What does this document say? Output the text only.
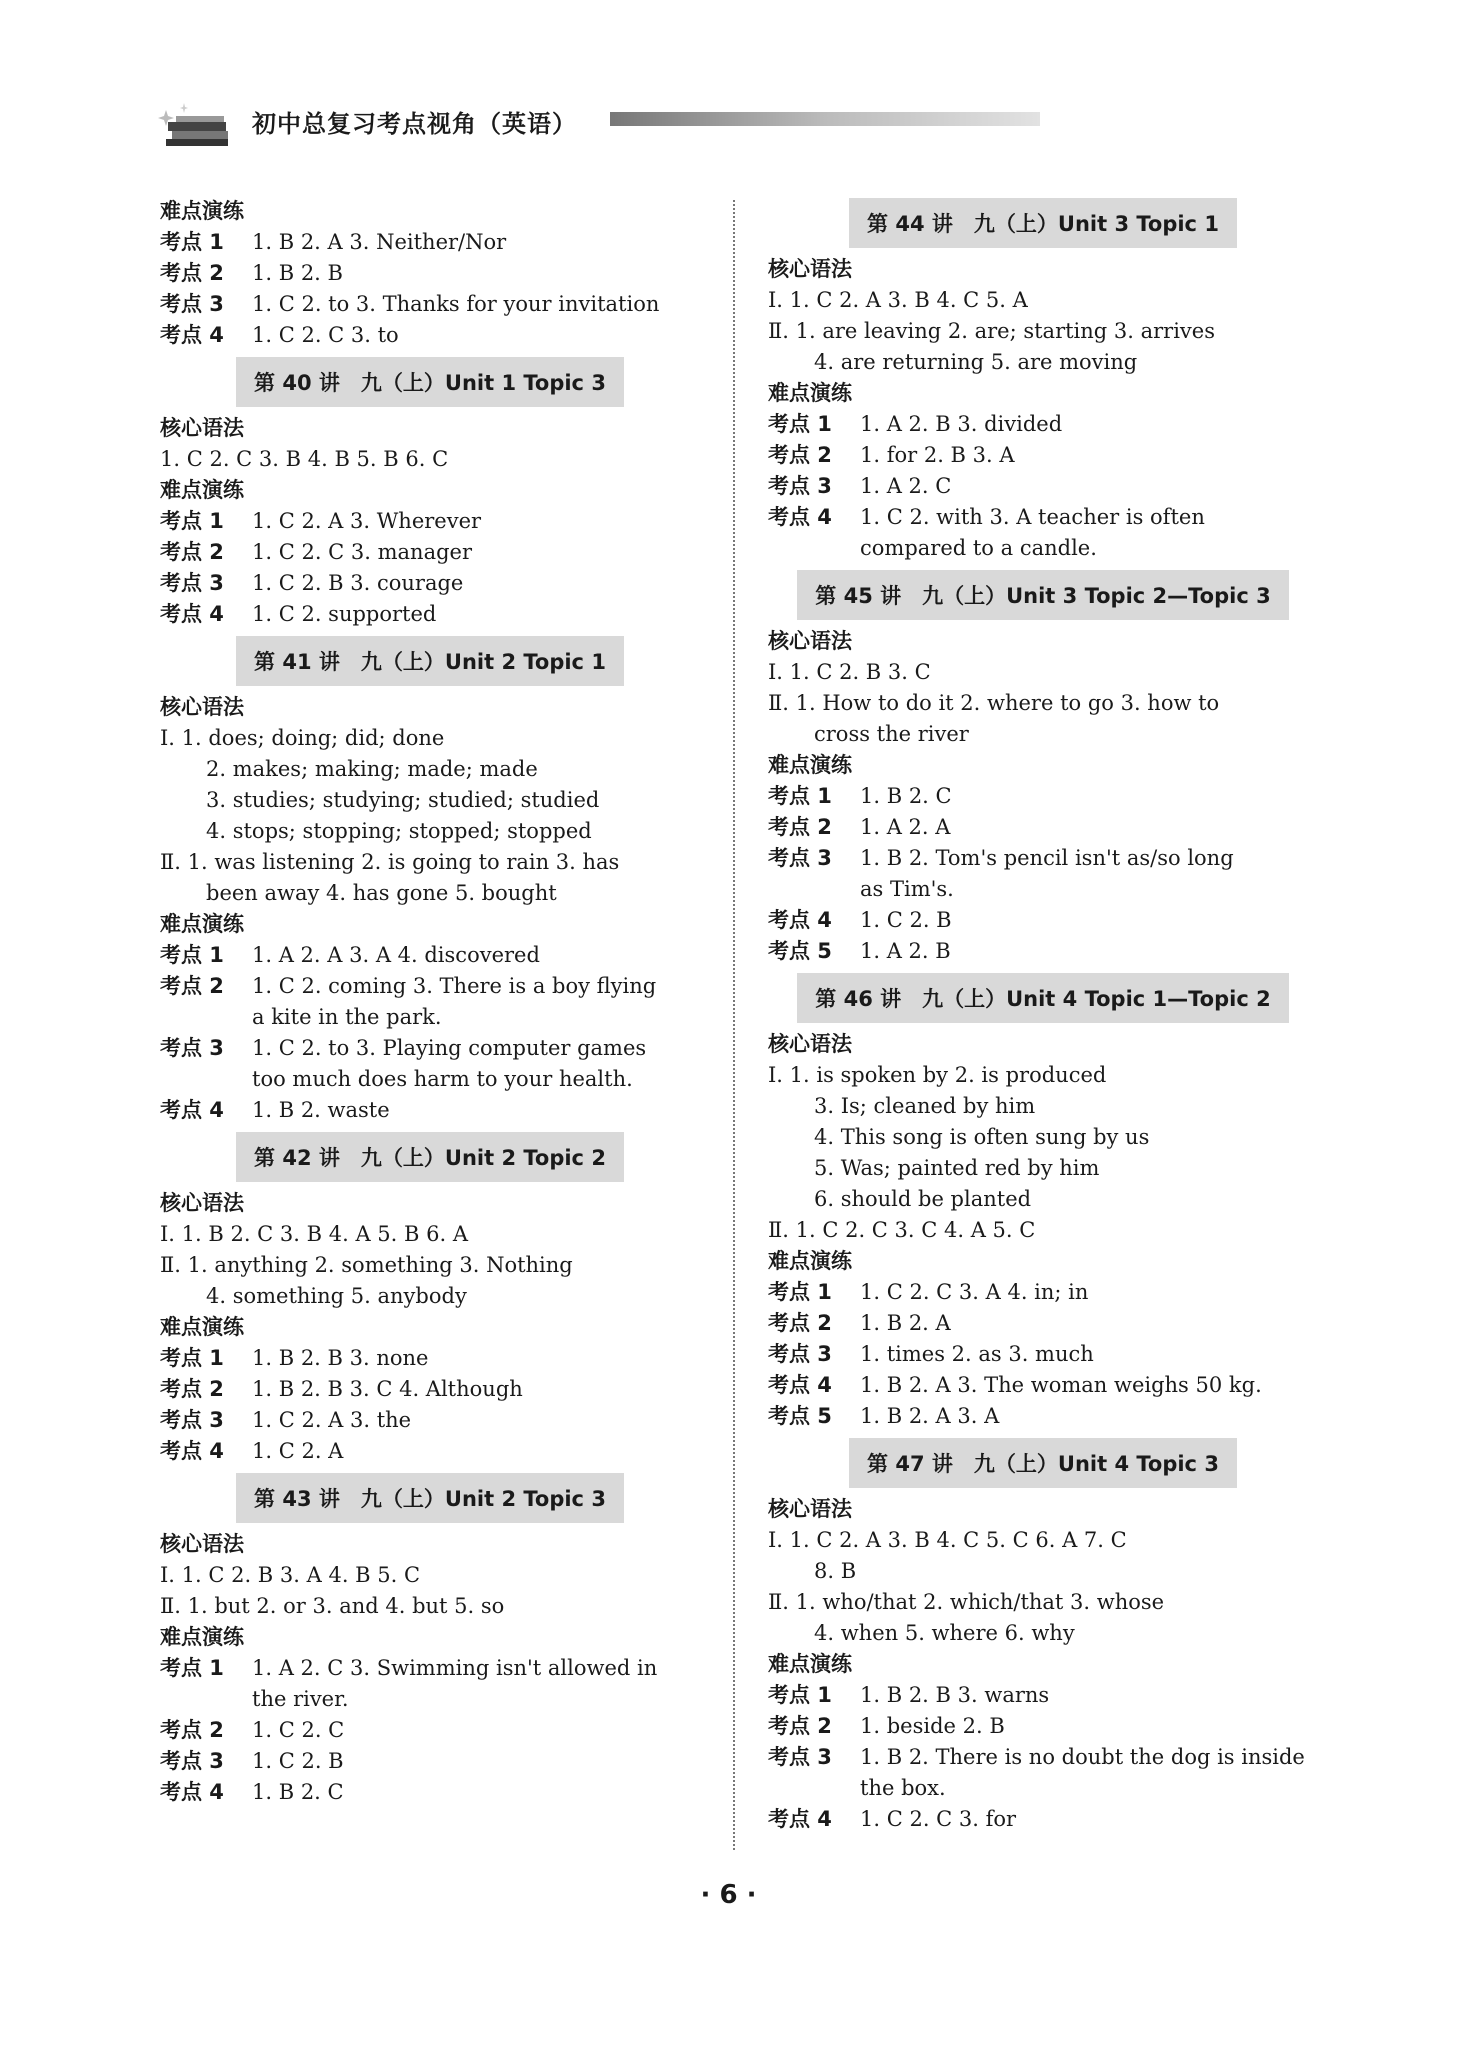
初中总复习考点视角（英语）
难点演练
考点 1 1. B 2. A 3. Neither/Nor
考点 2 1. B 2. B
考点 3 1. C 2. to 3. Thanks for your invitation
考点 4 1. C 2. C 3. to
第 40 讲　九（上）Unit 1 Topic 3
核心语法
1. C 2. C 3. B 4. B 5. B 6. C
难点演练
考点 1 1. C 2. A 3. Wherever
考点 2 1. C 2. C 3. manager
考点 3 1. C 2. B 3. courage
考点 4 1. C 2. supported
第 41 讲　九（上）Unit 2 Topic 1
核心语法
Ⅰ. 1. does; doing; did; done
2. makes; making; made; made
3. studies; studying; studied; studied
4. stops; stopping; stopped; stopped
Ⅱ. 1. was listening 2. is going to rain 3. has
been away 4. has gone 5. bought
难点演练
考点 1 1. A 2. A 3. A 4. discovered
考点 2 1. C 2. coming 3. There is a boy flying
a kite in the park.
考点 3 1. C 2. to 3. Playing computer games
too much does harm to your health.
考点 4 1. B 2. waste
第 42 讲　九（上）Unit 2 Topic 2
核心语法
Ⅰ. 1. B 2. C 3. B 4. A 5. B 6. A
Ⅱ. 1. anything 2. something 3. Nothing
4. something 5. anybody
难点演练
考点 1 1. B 2. B 3. none
考点 2 1. B 2. B 3. C 4. Although
考点 3 1. C 2. A 3. the
考点 4 1. C 2. A
第 43 讲　九（上）Unit 2 Topic 3
核心语法
Ⅰ. 1. C 2. B 3. A 4. B 5. C
Ⅱ. 1. but 2. or 3. and 4. but 5. so
难点演练
考点 1 1. A 2. C 3. Swimming isn't allowed in
the river.
考点 2 1. C 2. C
考点 3 1. C 2. B
考点 4 1. B 2. C
第 44 讲　九（上）Unit 3 Topic 1
核心语法
Ⅰ. 1. C 2. A 3. B 4. C 5. A
Ⅱ. 1. are leaving 2. are; starting 3. arrives
4. are returning 5. are moving
难点演练
考点 1 1. A 2. B 3. divided
考点 2 1. for 2. B 3. A
考点 3 1. A 2. C
考点 4 1. C 2. with 3. A teacher is often
compared to a candle.
第 45 讲　九（上）Unit 3 Topic 2—Topic 3
核心语法
Ⅰ. 1. C 2. B 3. C
Ⅱ. 1. How to do it 2. where to go 3. how to
cross the river
难点演练
考点 1 1. B 2. C
考点 2 1. A 2. A
考点 3 1. B 2. Tom's pencil isn't as/so long
as Tim's.
考点 4 1. C 2. B
考点 5 1. A 2. B
第 46 讲　九（上）Unit 4 Topic 1—Topic 2
核心语法
Ⅰ. 1. is spoken by 2. is produced
3. Is; cleaned by him
4. This song is often sung by us
5. Was; painted red by him
6. should be planted
Ⅱ. 1. C 2. C 3. C 4. A 5. C
难点演练
考点 1 1. C 2. C 3. A 4. in; in
考点 2 1. B 2. A
考点 3 1. times 2. as 3. much
考点 4 1. B 2. A 3. The woman weighs 50 kg.
考点 5 1. B 2. A 3. A
第 47 讲　九（上）Unit 4 Topic 3
核心语法
Ⅰ. 1. C 2. A 3. B 4. C 5. C 6. A 7. C
8. B
Ⅱ. 1. who/that 2. which/that 3. whose
4. when 5. where 6. why
难点演练
考点 1 1. B 2. B 3. warns
考点 2 1. beside 2. B
考点 3 1. B 2. There is no doubt the dog is inside
the box.
考点 4 1. C 2. C 3. for
· 6 ·
